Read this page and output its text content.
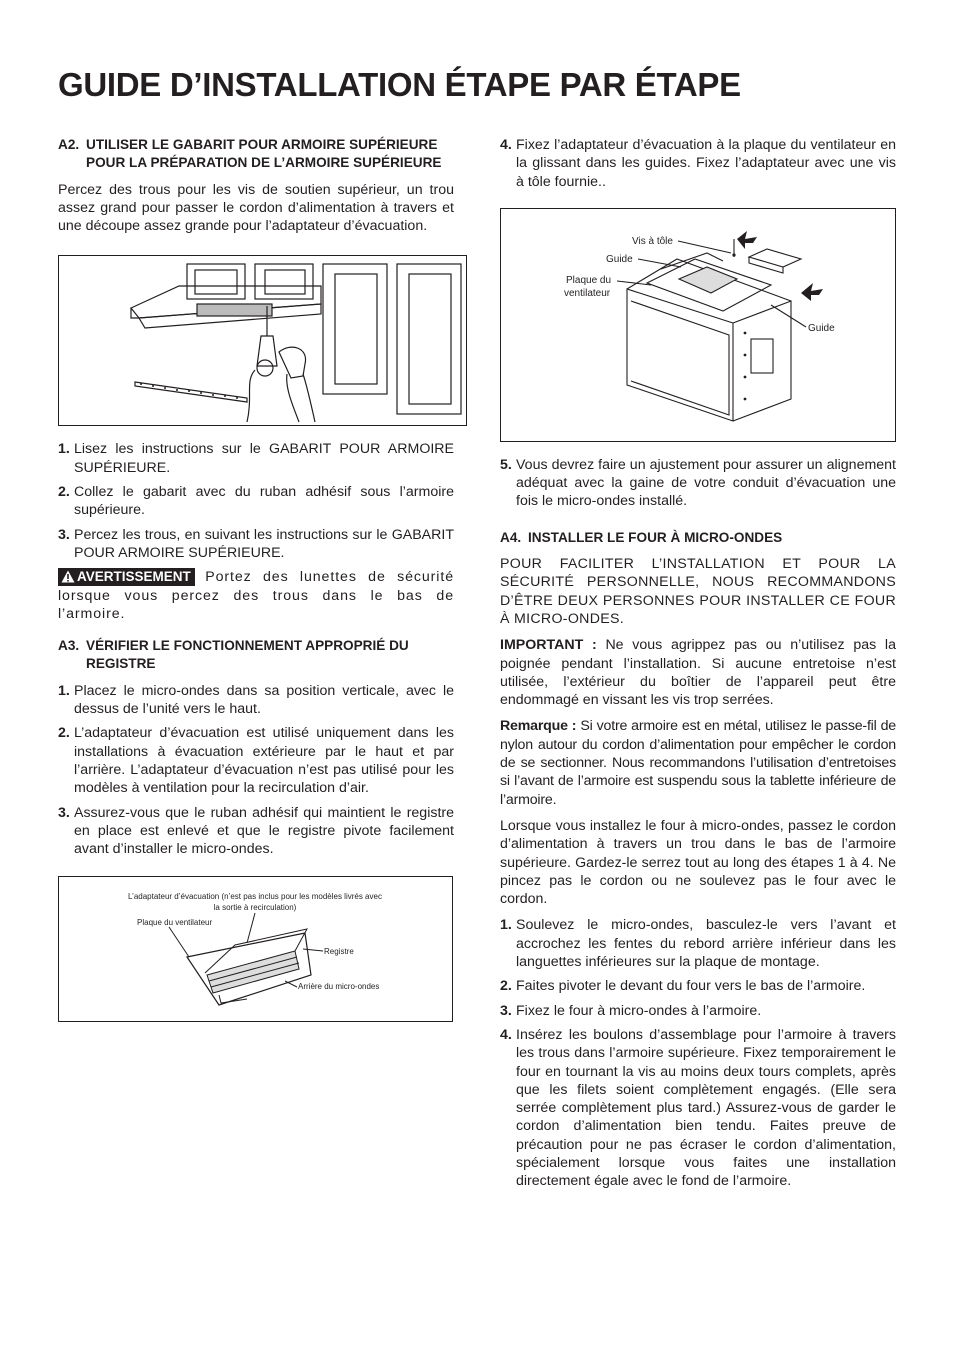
GUIDE D’INSTALLATION ÉTAPE PAR ÉTAPE
A2. UTILISER LE GABARIT POUR ARMOIRE SUPÉRIEURE POUR LA PRÉPARATION DE L’ARMOIRE SUPÉRIEURE

Percez des trous pour les vis de soutien supérieur, un trou assez grand pour passer le cordon d’alimentation à travers et une découpe assez grande pour l’adaptateur d’évacuation.

1. Lisez les instructions sur le GABARIT POUR ARMOIRE SUPÉRIEURE.
2. Collez le gabarit avec du ruban adhésif sous l’armoire supérieure.
3. Percez les trous, en suivant les instructions sur le GABARIT POUR ARMOIRE SUPÉRIEURE.

AVERTISSEMENT Portez des lunettes de sécurité lorsque vous percez des trous dans le bas de l’armoire.

A3. VÉRIFIER LE FONCTIONNEMENT APPROPRIÉ DU REGISTRE
1. Placez le micro-ondes dans sa position verticale, avec le dessus de l’unité vers le haut.
2. L’adaptateur d’évacuation est utilisé uniquement dans les installations à évacuation extérieure par le haut et par l’arrière. L’adaptateur d’évacuation n’est pas utilisé pour les modèles à ventilation pour la recirculation d’air.
3. Assurez-vous que le ruban adhésif qui maintient le registre en place est enlevé et que le registre pivote facilement avant d’installer le micro-ondes.
L’adaptateur d’évacuation (n’est pas inclus pour les modèles livrés avec
la sortie à recirculation)
Plaque du ventilateur
Registre
Arrière du micro-ondes
4. Fixez l’adaptateur d’évacuation à la plaque du ventilateur en la glissant dans les guides. Fixez l’adaptateur avec une vis à tôle fournie..
Vis à tôle
Guide
Plaque du
ventilateur
Guide
5. Vous devrez faire un ajustement pour assurer un alignement adéquat avec la gaine de votre conduit d’évacuation une fois le micro-ondes installé.
A4. INSTALLER LE FOUR À MICRO-ONDES

POUR FACILITER L’INSTALLATION ET POUR LA SÉCURITÉ PERSONNELLE, NOUS RECOMMANDONS D’ÊTRE DEUX PERSONNES POUR INSTALLER CE FOUR À MICRO-ONDES.

IMPORTANT : Ne vous agrippez pas ou n’utilisez pas la poignée pendant l’installation. Si aucune entretoise n’est utilisée, l’extérieur du boîtier de l’appareil peut être endommagé en vissant les vis trop serrées.

Remarque : Si votre armoire est en métal, utilisez le passe-fil de nylon autour du cordon d’alimentation pour empêcher le cordon de se sectionner. Nous recommandons l’utilisation d’entretoises si l’avant de l’armoire est suspendu sous la tablette inférieure de l’armoire.

Lorsque vous installez le four à micro-ondes, passez le cordon d’alimentation à travers un trou dans le bas de l’armoire supérieure. Gardez-le serrez tout au long des étapes 1 à 4. Ne pincez pas le cordon ou ne soulevez pas le four avec le cordon.

1. Soulevez le micro-ondes, basculez-le vers l’avant et accrochez les fentes du rebord arrière inférieur dans les languettes inférieures sur la plaque de montage.
2. Faites pivoter le devant du four vers le bas de l’armoire.
3. Fixez le four à micro-ondes à l’armoire.
4. Insérez les boulons d’assemblage pour l’armoire à travers les trous dans l’armoire supérieure. Fixez temporairement le four en tournant la vis au moins deux tours complets, après que les filets soient complètement engagés. (Elle sera serrée complètement plus tard.) Assurez-vous de garder le cordon d’alimentation bien tendu. Faites preuve de précaution pour ne pas écraser le cordon d’alimentation, spécialement lorsque vous faites une installation directement égale avec le fond de l’armoire.
